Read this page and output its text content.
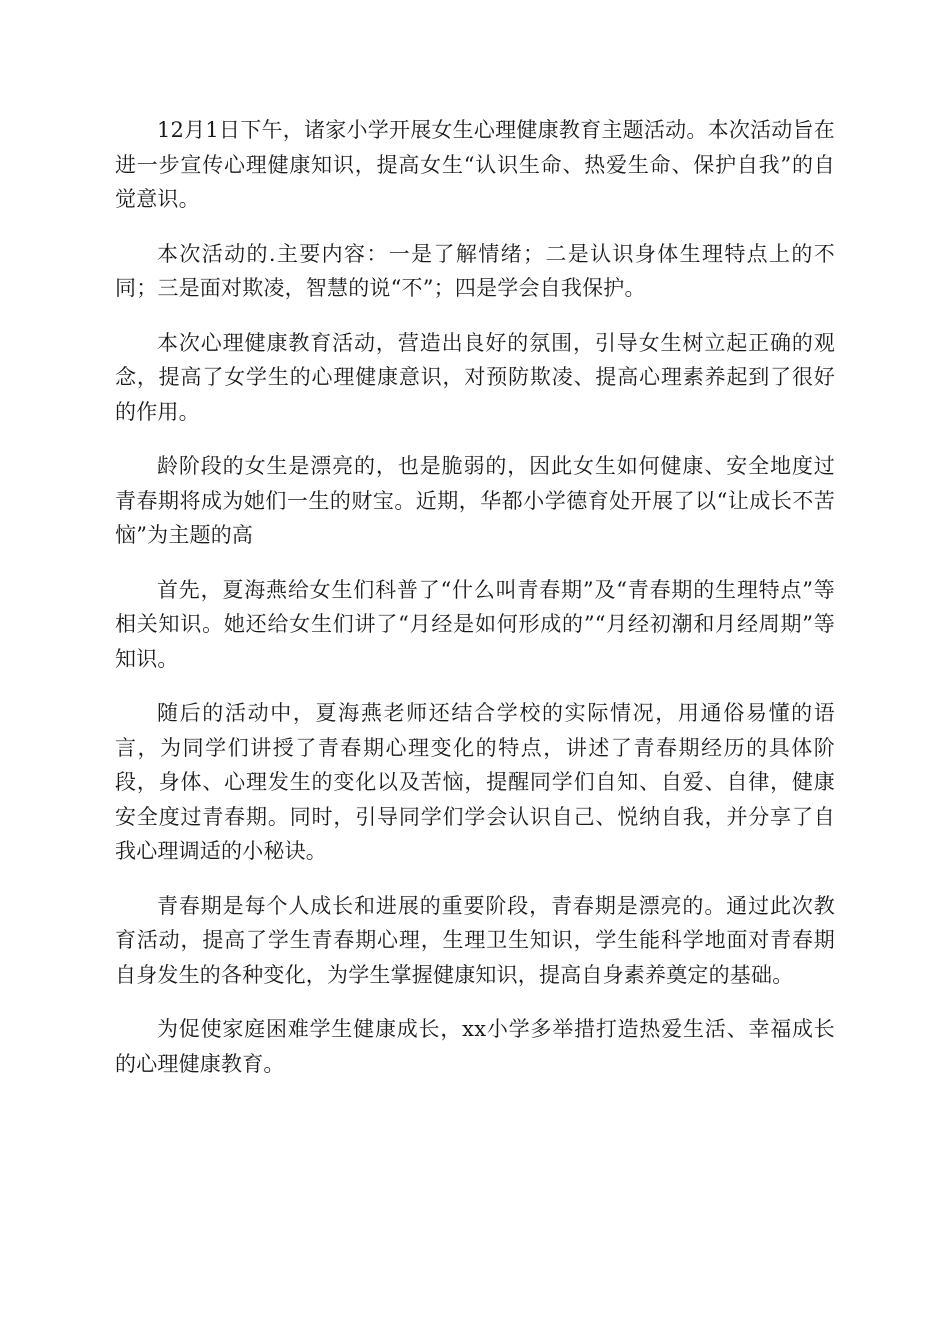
12月1日下午，诸家小学开展女生心理健康教育主题活动。本次活动旨在进一步宣传心理健康知识，提高女生“认识生命、热爱生命、保护自我”的自觉意识。

本次活动的.主要内容：一是了解情绪；二是认识身体生理特点上的不同；三是面对欺凌，智慧的说“不”；四是学会自我保护。

本次心理健康教育活动，营造出良好的氛围，引导女生树立起正确的观念，提高了女学生的心理健康意识，对预防欺凌、提高心理素养起到了很好的作用。

龄阶段的女生是漂亮的，也是脆弱的，因此女生如何健康、安全地度过青春期将成为她们一生的财宝。近期，华都小学德育处开展了以“让成长不苦恼”为主题的高

首先，夏海燕给女生们科普了“什么叫青春期”及“青春期的生理特点”等相关知识。她还给女生们讲了“月经是如何形成的”“月经初潮和月经周期”等知识。

随后的活动中，夏海燕老师还结合学校的实际情况，用通俗易懂的语言，为同学们讲授了青春期心理变化的特点，讲述了青春期经历的具体阶段，身体、心理发生的变化以及苦恼，提醒同学们自知、自爱、自律，健康安全度过青春期。同时，引导同学们学会认识自己、悦纳自我，并分享了自我心理调适的小秘诀。

青春期是每个人成长和进展的重要阶段，青春期是漂亮的。通过此次教育活动，提高了学生青春期心理，生理卫生知识，学生能科学地面对青春期自身发生的各种变化，为学生掌握健康知识，提高自身素养奠定的基础。

为促使家庭困难学生健康成长，xx小学多举措打造热爱生活、幸福成长的心理健康教育。
